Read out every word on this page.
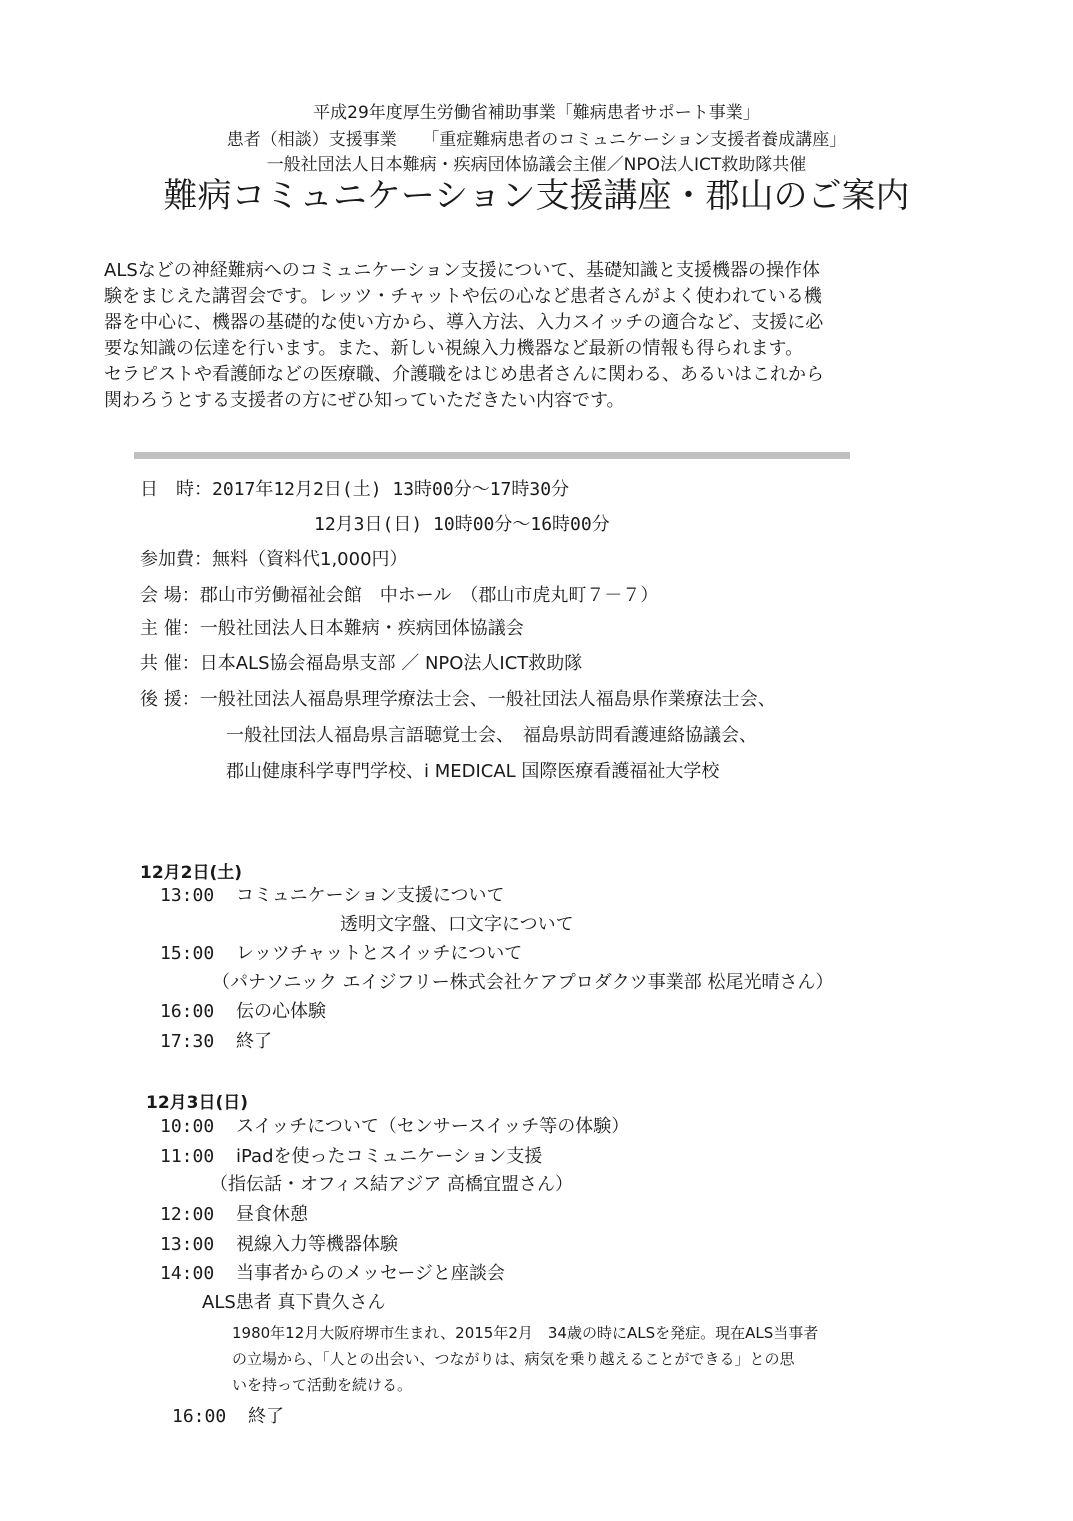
平成29年度厚生労働省補助事業「難病患者サポート事業」
患者（相談）支援事業　　「重症難病患者のコミュニケーション支援者養成講座」
一般社団法人日本難病・疾病団体協議会主催／NPO法人ICT救助隊共催
難病コミュニケーション支援講座・郡山のご案内

ALSなどの神経難病へのコミュニケーション支援について、基礎知識と支援機器の操作体

験をまじえた講習会です。レッツ・チャットや伝の心など患者さんがよく使われている機

器を中心に、機器の基礎的な使い方から、導入方法、入力スイッチの適合など、支援に必

要な知識の伝達を行います。また、新しい視線入力機器など最新の情報も得られます。

セラピストや看護師などの医療職、介護職をはじめ患者さんに関わる、あるいはこれから

関わろうとする支援者の方にぜひ知っていただきたい内容です。

日　時：2017年12月2日(土) 13時00分～17時30分
12月3日(日) 10時00分～16時00分
参加費：無料（資料代1,000円）
会 場：郡山市労働福祉会館　中ホール　（郡山市虎丸町７－７）
主 催：一般社団法人日本難病・疾病団体協議会
共 催：日本ALS協会福島県支部 ／ NPO法人ICT救助隊
後 援：一般社団法人福島県理学療法士会、一般社団法人福島県作業療法士会、
一般社団法人福島県言語聴覚士会、　福島県訪問看護連絡協議会、
郡山健康科学専門学校、i MEDICAL 国際医療看護福祉大学校
12月2日(土)
13:00 コミュニケーション支援について
透明文字盤、口文字について
15:00 レッツチャットとスイッチについて
（パナソニック エイジフリー株式会社ケアプロダクツ事業部 松尾光晴さん）
16:00 伝の心体験
17:30 終了
12月3日(日)
10:00 スイッチについて（センサースイッチ等の体験）
11:00 iPadを使ったコミュニケーション支援
（指伝話・オフィス結アジア 高橋宜盟さん）
12:00 昼食休憩
13:00 視線入力等機器体験
14:00 当事者からのメッセージと座談会
ALS患者 真下貴久さん

1980年12月大阪府堺市生まれ、2015年2月　34歳の時にALSを発症。現在ALS当事者

の立場から、「人との出会い、つながりは、病気を乗り越えることができる」との思

いを持って活動を続ける。

16:00 終了
